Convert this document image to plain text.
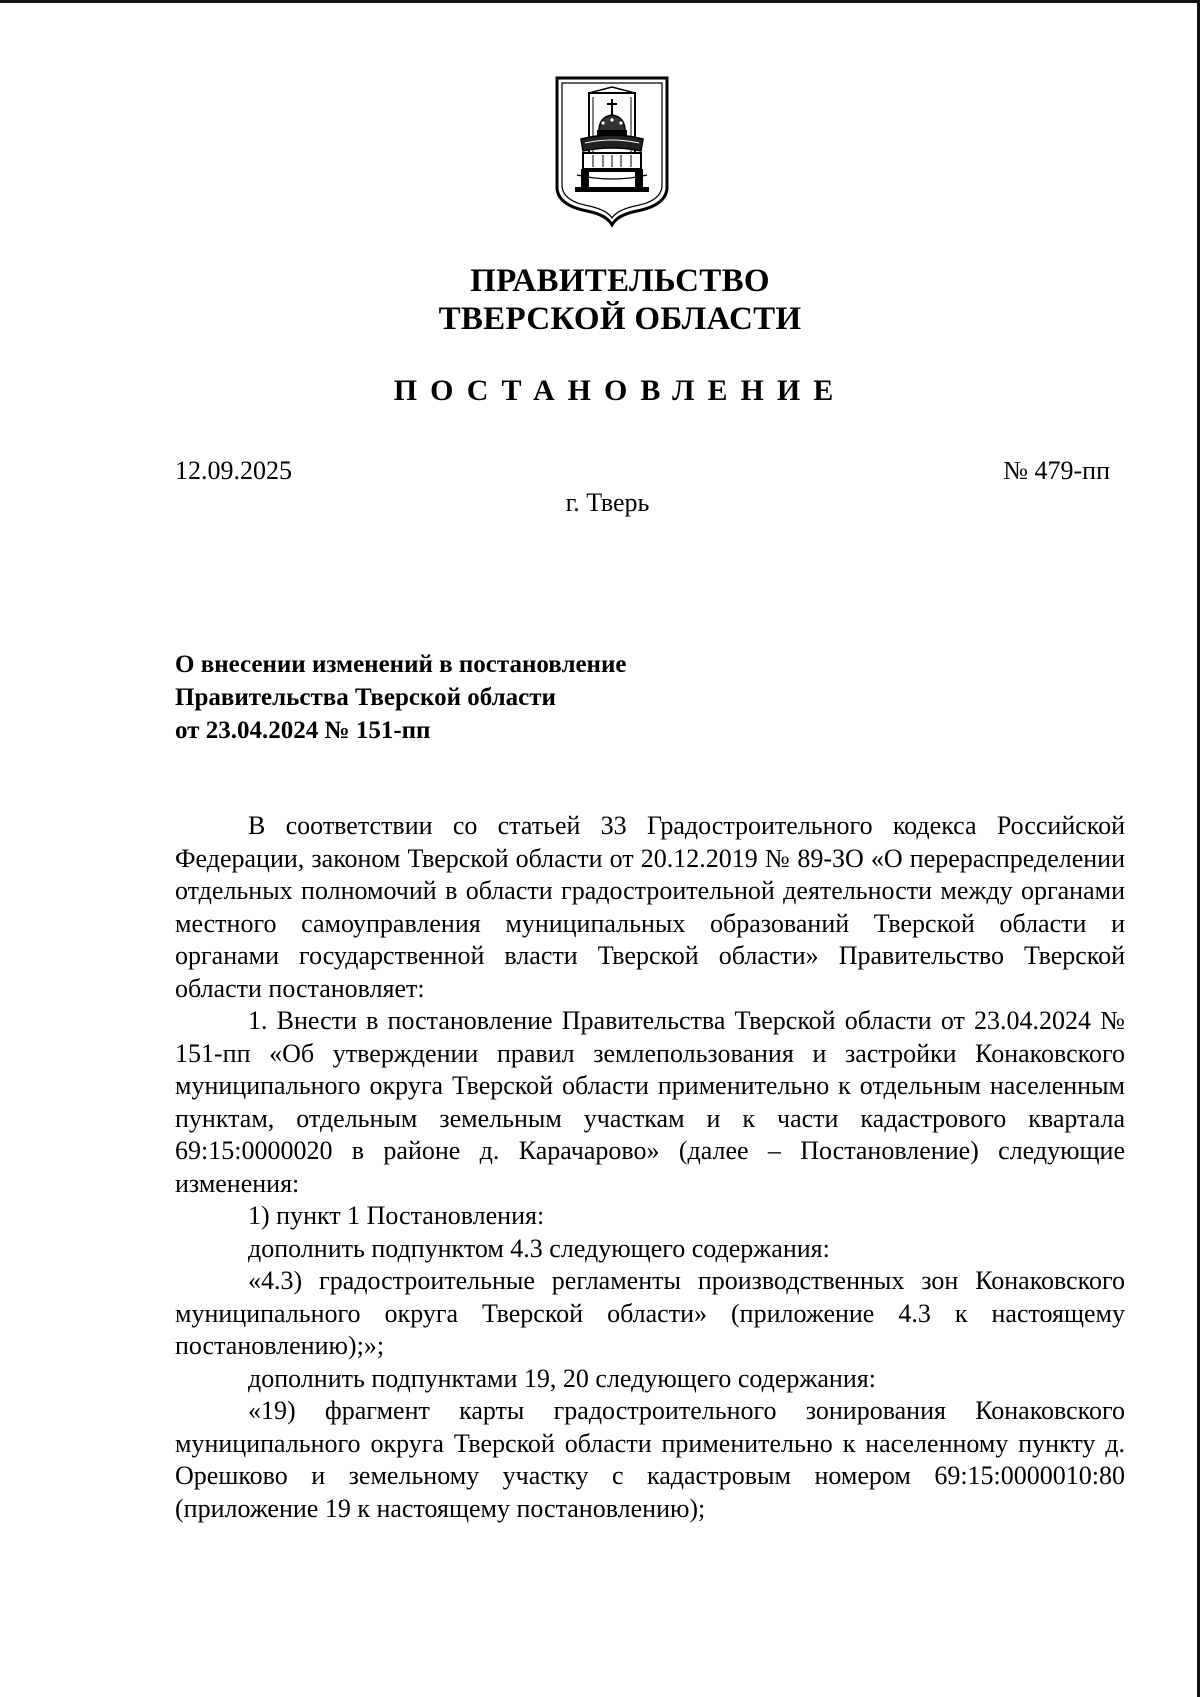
ПРАВИТЕЛЬСТВО
ТВЕРСКОЙ ОБЛАСТИ
ПОСТАНОВЛЕНИЕ
12.09.2025	№ 479-пп
г. Тверь
О внесении изменений в постановление
Правительства Тверской области
от 23.04.2024 № 151-пп

В соответствии со статьей 33 Градостроительного кодекса Российской Федерации, законом Тверской области от 20.12.2019 № 89-ЗО «О перераспределении отдельных полномочий в области градостроительной деятельности между органами местного самоуправления муниципальных образований Тверской области и органами государственной власти Тверской области» Правительство Тверской области постановляет:

1. Внести в постановление Правительства Тверской области от 23.04.2024 № 151-пп «Об утверждении правил землепользования и застройки Конаковского муниципального округа Тверской области применительно к отдельным населенным пунктам, отдельным земельным участкам и к части кадастрового квартала 69:15:0000020 в районе д. Карачарово» (далее – Постановление) следующие изменения:

1) пункт 1 Постановления:

дополнить подпунктом 4.3 следующего содержания:

«4.3) градостроительные регламенты производственных зон Конаковского муниципального округа Тверской области» (приложение 4.3 к настоящему постановлению);»;

дополнить подпунктами 19, 20 следующего содержания:

«19) фрагмент карты градостроительного зонирования Конаковского муниципального округа Тверской области применительно к населенному пункту д. Орешково и земельному участку с кадастровым номером 69:15:0000010:80 (приложение 19 к настоящему постановлению);
